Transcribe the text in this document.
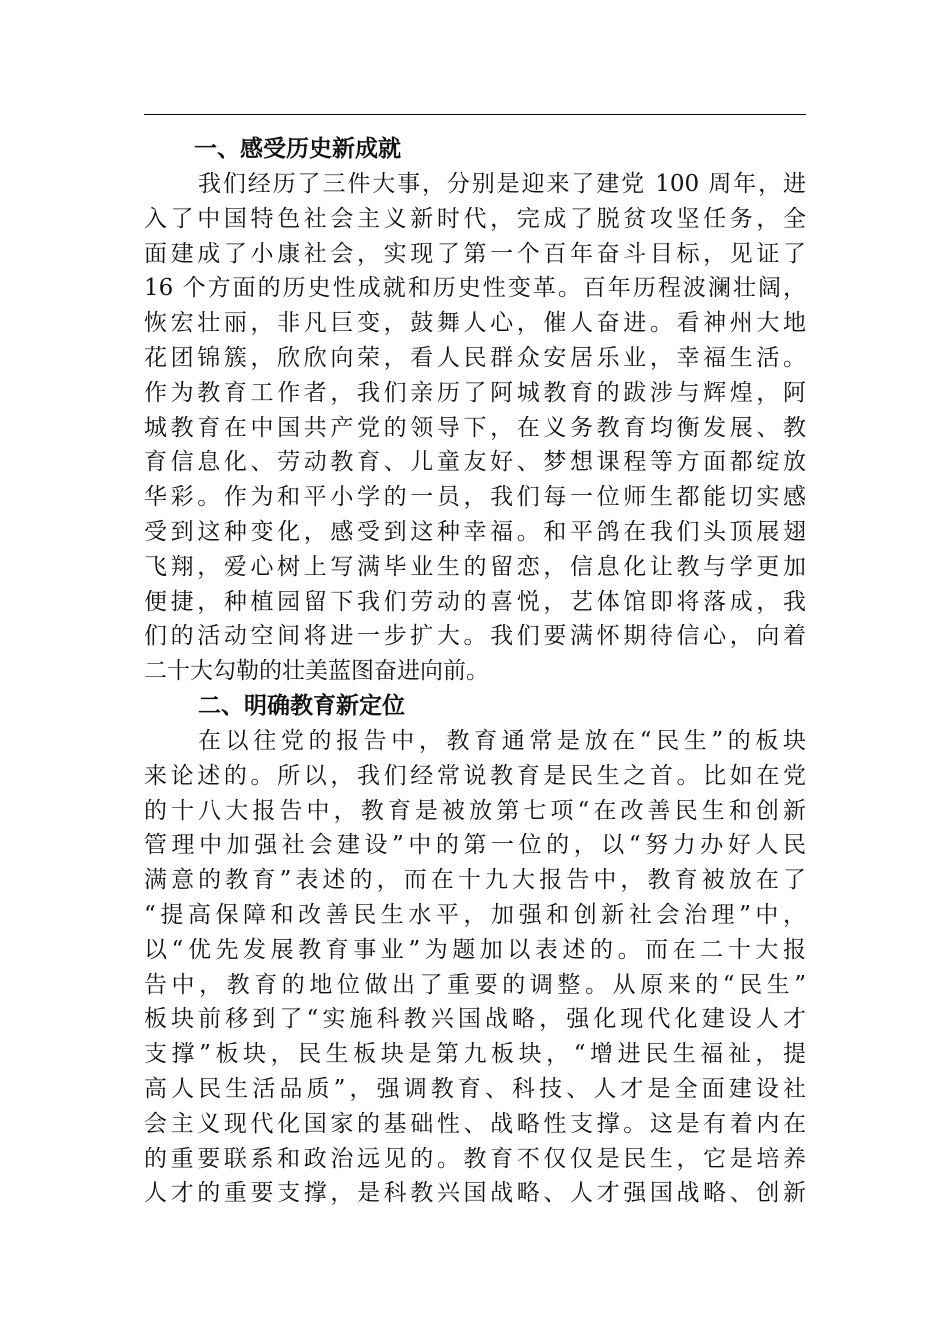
一、感受历史新成就
我们经历了三件大事，分别是迎来了建党 100 周年，进
入了中国特色社会主义新时代，完成了脱贫攻坚任务，全
面建成了小康社会，实现了第一个百年奋斗目标，见证了
16 个方面的历史性成就和历史性变革。百年历程波澜壮阔，
恢宏壮丽，非凡巨变，鼓舞人心，催人奋进。看神州大地
花团锦簇，欣欣向荣，看人民群众安居乐业，幸福生活。
作为教育工作者，我们亲历了阿城教育的跋涉与辉煌，阿
城教育在中国共产党的领导下，在义务教育均衡发展、教
育信息化、劳动教育、儿童友好、梦想课程等方面都绽放
华彩。作为和平小学的一员，我们每一位师生都能切实感
受到这种变化，感受到这种幸福。和平鸽在我们头顶展翅
飞翔，爱心树上写满毕业生的留恋，信息化让教与学更加
便捷，种植园留下我们劳动的喜悦，艺体馆即将落成，我
们的活动空间将进一步扩大。我们要满怀期待信心，向着
二十大勾勒的壮美蓝图奋进向前。
二、明确教育新定位
在以往党的报告中，教育通常是放在“民生”的板块
来论述的。所以，我们经常说教育是民生之首。比如在党
的十八大报告中，教育是被放第七项“在改善民生和创新
管理中加强社会建设”中的第一位的，以“努力办好人民
满意的教育”表述的，而在十九大报告中，教育被放在了
“提高保障和改善民生水平，加强和创新社会治理”中，
以“优先发展教育事业”为题加以表述的。而在二十大报
告中，教育的地位做出了重要的调整。从原来的“民生”
板块前移到了“实施科教兴国战略，强化现代化建设人才
支撑”板块，民生板块是第九板块，“增进民生福祉，提
高人民生活品质”，强调教育、科技、人才是全面建设社
会主义现代化国家的基础性、战略性支撑。这是有着内在
的重要联系和政治远见的。教育不仅仅是民生，它是培养
人才的重要支撑，是科教兴国战略、人才强国战略、创新
